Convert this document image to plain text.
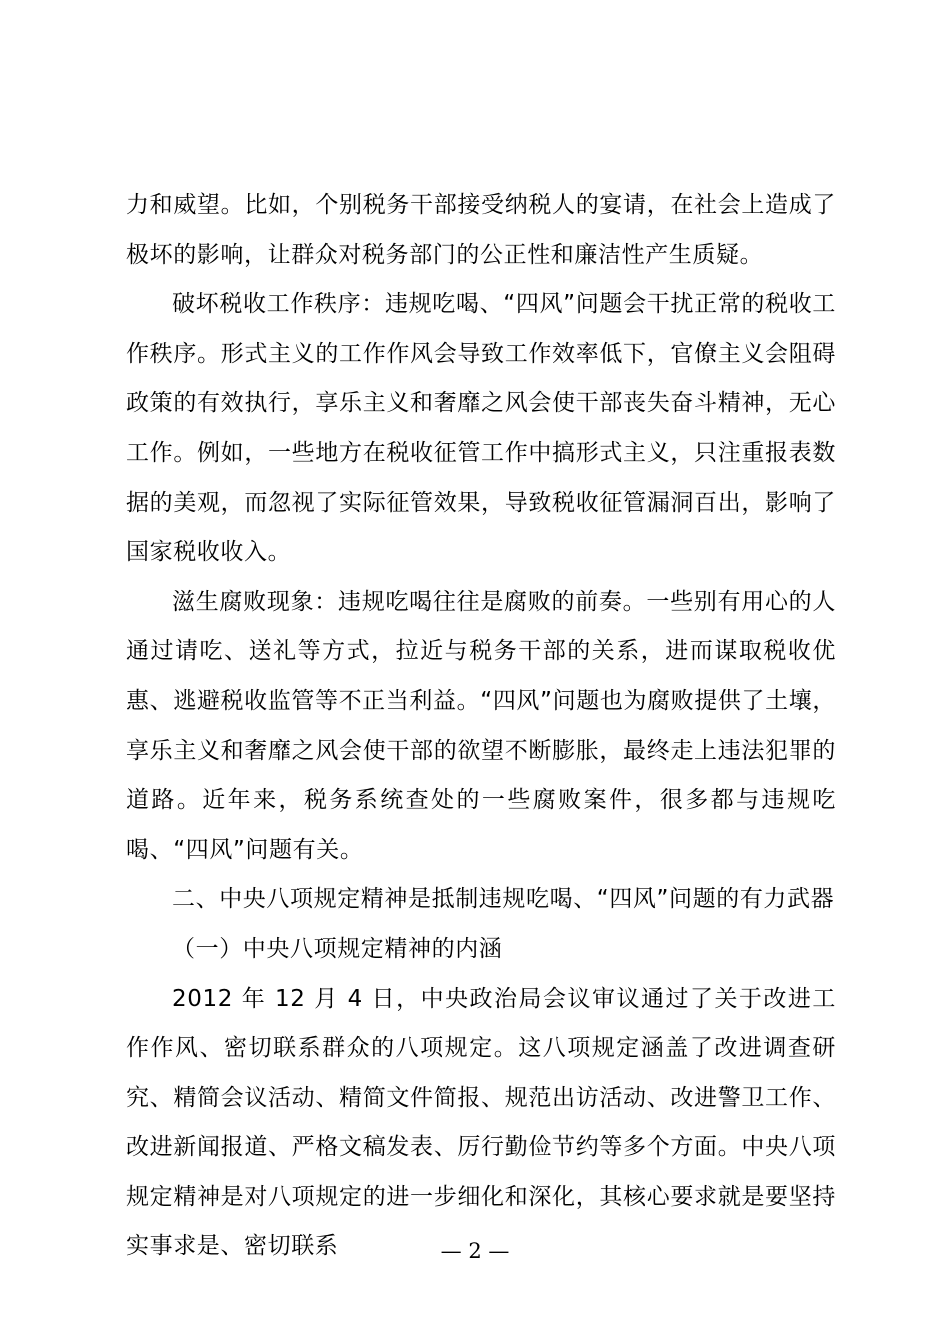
力和威望。比如，个别税务干部接受纳税人的宴请，在社会上造成了极坏的影响，让群众对税务部门的公正性和廉洁性产生质疑。

破坏税收工作秩序：违规吃喝、“四风”问题会干扰正常的税收工作秩序。形式主义的工作作风会导致工作效率低下，官僚主义会阻碍政策的有效执行，享乐主义和奢靡之风会使干部丧失奋斗精神，无心工作。例如，一些地方在税收征管工作中搞形式主义，只注重报表数据的美观，而忽视了实际征管效果，导致税收征管漏洞百出，影响了国家税收收入。

滋生腐败现象：违规吃喝往往是腐败的前奏。一些别有用心的人通过请吃、送礼等方式，拉近与税务干部的关系，进而谋取税收优惠、逃避税收监管等不正当利益。“四风”问题也为腐败提供了土壤，享乐主义和奢靡之风会使干部的欲望不断膨胀，最终走上违法犯罪的道路。近年来，税务系统查处的一些腐败案件，很多都与违规吃喝、“四风”问题有关。

二、中央八项规定精神是抵制违规吃喝、“四风”问题的有力武器

（一）中央八项规定精神的内涵

2012 年 12 月 4 日，中央政治局会议审议通过了关于改进工作作风、密切联系群众的八项规定。这八项规定涵盖了改进调查研究、精简会议活动、精简文件简报、规范出访活动、改进警卫工作、改进新闻报道、严格文稿发表、厉行勤俭节约等多个方面。中央八项规定精神是对八项规定的进一步细化和深化，其核心要求就是要坚持实事求是、密切联系	— 2 —
